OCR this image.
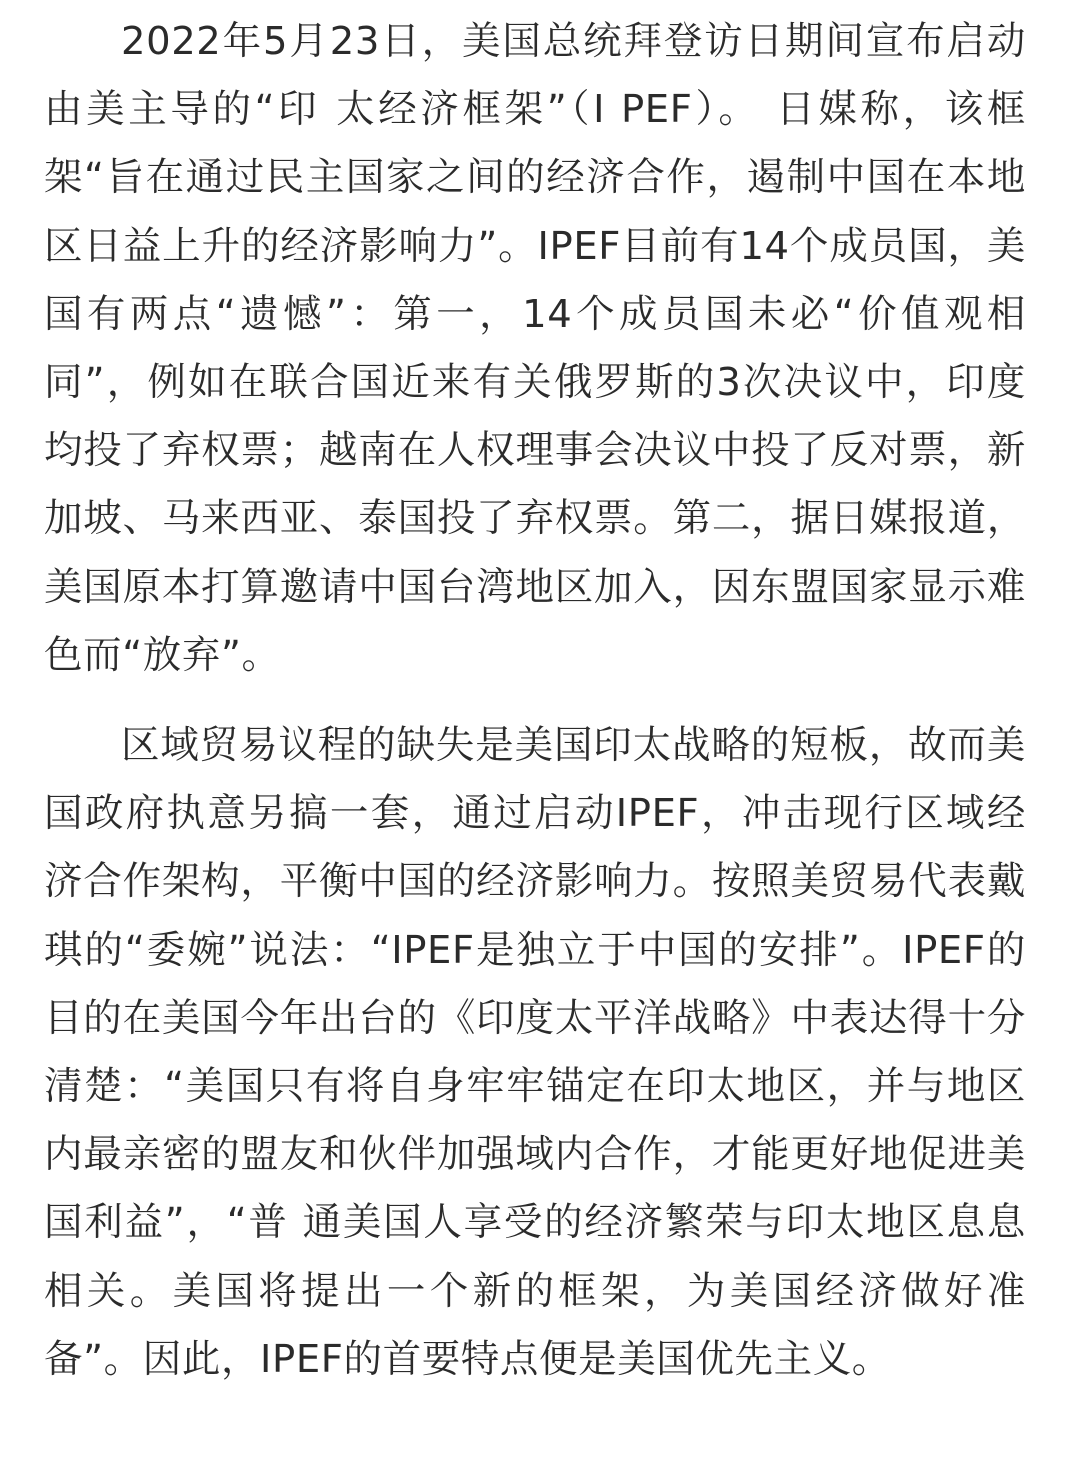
2022年5月23日，美国总统拜登访日期间宣布启动由美主导的“印 太经济框架”（I PEF）。 日媒称，该框架“旨在通过民主国家之间的经济合作，遏制中国在本地区日益上升的经济影响力”。IPEF目前有14个成员国，美国有两点“遗憾”：第一，14个成员国未必“价值观相同”，例如在联合国近来有关俄罗斯的3次决议中，印度均投了弃权票；越南在人权理事会决议中投了反对票，新加坡、马来西亚、泰国投了弃权票。第二，据日媒报道，美国原本打算邀请中国台湾地区加入，因东盟国家显示难色而“放弃”。

区域贸易议程的缺失是美国印太战略的短板，故而美国政府执意另搞一套，通过启动IPEF，冲击现行区域经济合作架构，平衡中国的经济影响力。按照美贸易代表戴琪的“委婉”说法：“IPEF是独立于中国的安排”。IPEF的目的在美国今年出台的《印度太平洋战略》中表达得十分清楚：“美国只有将自身牢牢锚定在印太地区，并与地区内最亲密的盟友和伙伴加强域内合作，才能更好地促进美国利益”，“普 通美国人享受的经济繁荣与印太地区息息相关。美国将提出一个新的框架，为美国经济做好准备”。因此，IPEF的首要特点便是美国优先主义。
